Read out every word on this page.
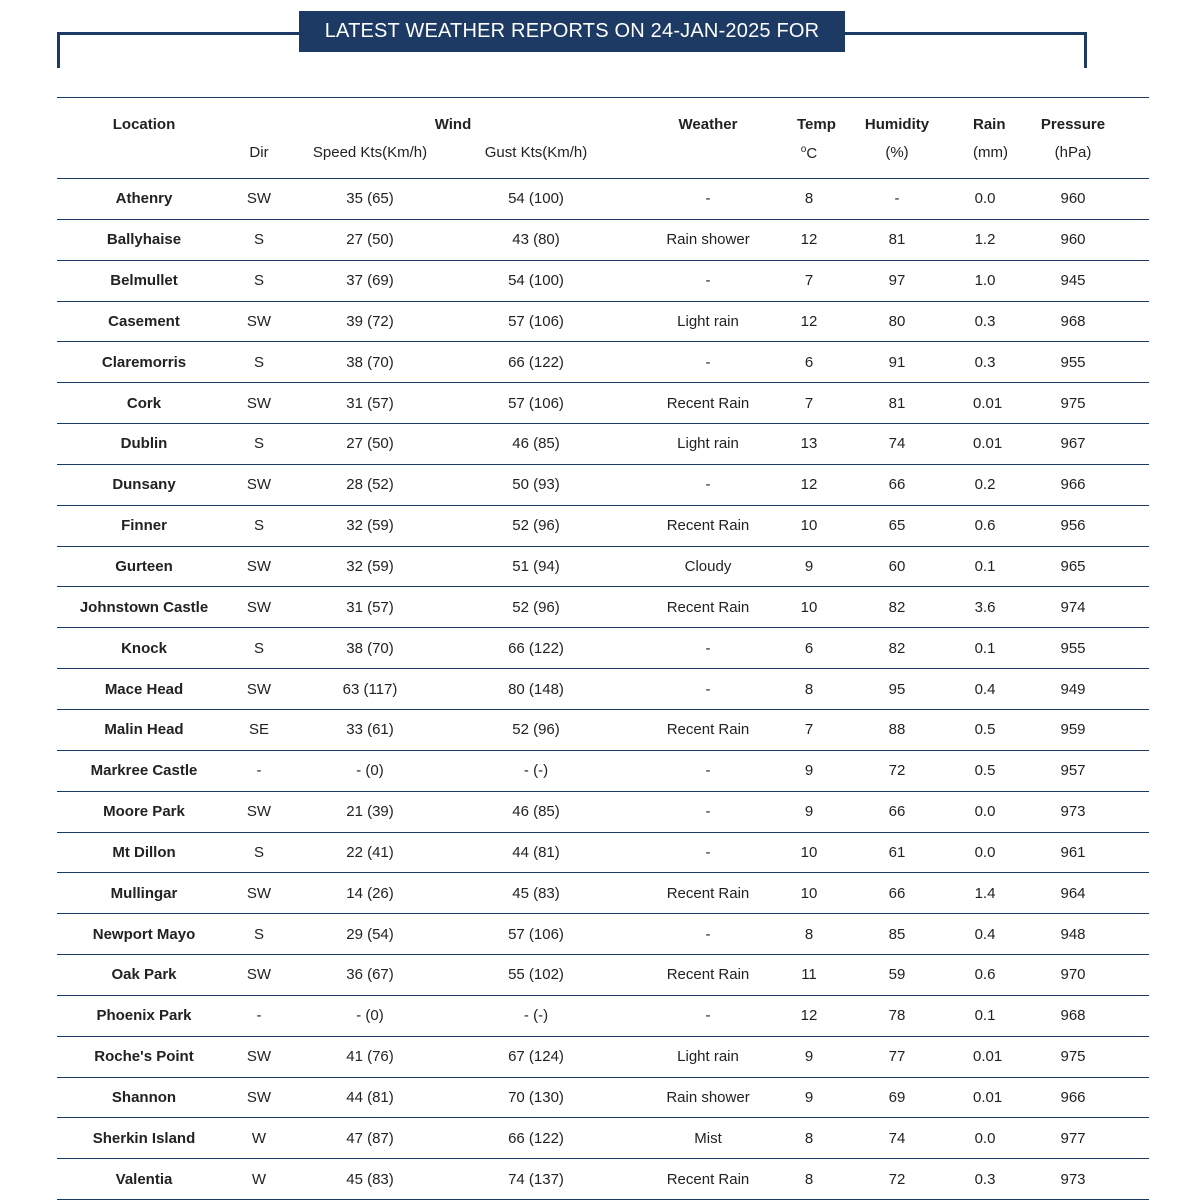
LATEST WEATHER REPORTS ON 24-JAN-2025 FOR 03:00
Location		Wind		Weather	Temp	Humidity	Rain	Pressure
	Dir	Speed Kts(Km/h)	Gust Kts(Km/h)		$^o$C	(%)	(mm)	(hPa)
Athenry	SW	35 (65)	54 (100)	-	8	-	0.0	960
Ballyhaise	S	27 (50)	43 (80)	Rain shower	12	81	1.2	960
Belmullet	S	37 (69)	54 (100)	-	7	97	1.0	945
Casement	SW	39 (72)	57 (106)	Light rain	12	80	0.3	968
Claremorris	S	38 (70)	66 (122)	-	6	91	0.3	955
Cork	SW	31 (57)	57 (106)	Recent Rain	7	81	0.01	975
Dublin	S	27 (50)	46 (85)	Light rain	13	74	0.01	967
Dunsany	SW	28 (52)	50 (93)	-	12	66	0.2	966
Finner	S	32 (59)	52 (96)	Recent Rain	10	65	0.6	956
Gurteen	SW	32 (59)	51 (94)	Cloudy	9	60	0.1	965
Johnstown Castle	SW	31 (57)	52 (96)	Recent Rain	10	82	3.6	974
Knock	S	38 (70)	66 (122)	-	6	82	0.1	955
Mace Head	SW	63 (117)	80 (148)	-	8	95	0.4	949
Malin Head	SE	33 (61)	52 (96)	Recent Rain	7	88	0.5	959
Markree Castle	-	- (0)	- (-)	-	9	72	0.5	957
Moore Park	SW	21 (39)	46 (85)	-	9	66	0.0	973
Mt Dillon	S	22 (41)	44 (81)	-	10	61	0.0	961
Mullingar	SW	14 (26)	45 (83)	Recent Rain	10	66	1.4	964
Newport Mayo	S	29 (54)	57 (106)	-	8	85	0.4	948
Oak Park	SW	36 (67)	55 (102)	Recent Rain	11	59	0.6	970
Phoenix Park	-	- (0)	- (-)	-	12	78	0.1	968
Roche's Point	SW	41 (76)	67 (124)	Light rain	9	77	0.01	975
Shannon	SW	44 (81)	70 (130)	Rain shower	9	69	0.01	966
Sherkin Island	W	47 (87)	66 (122)	Mist	8	74	0.0	977
Valentia	W	45 (83)	74 (137)	Recent Rain	8	72	0.3	973
